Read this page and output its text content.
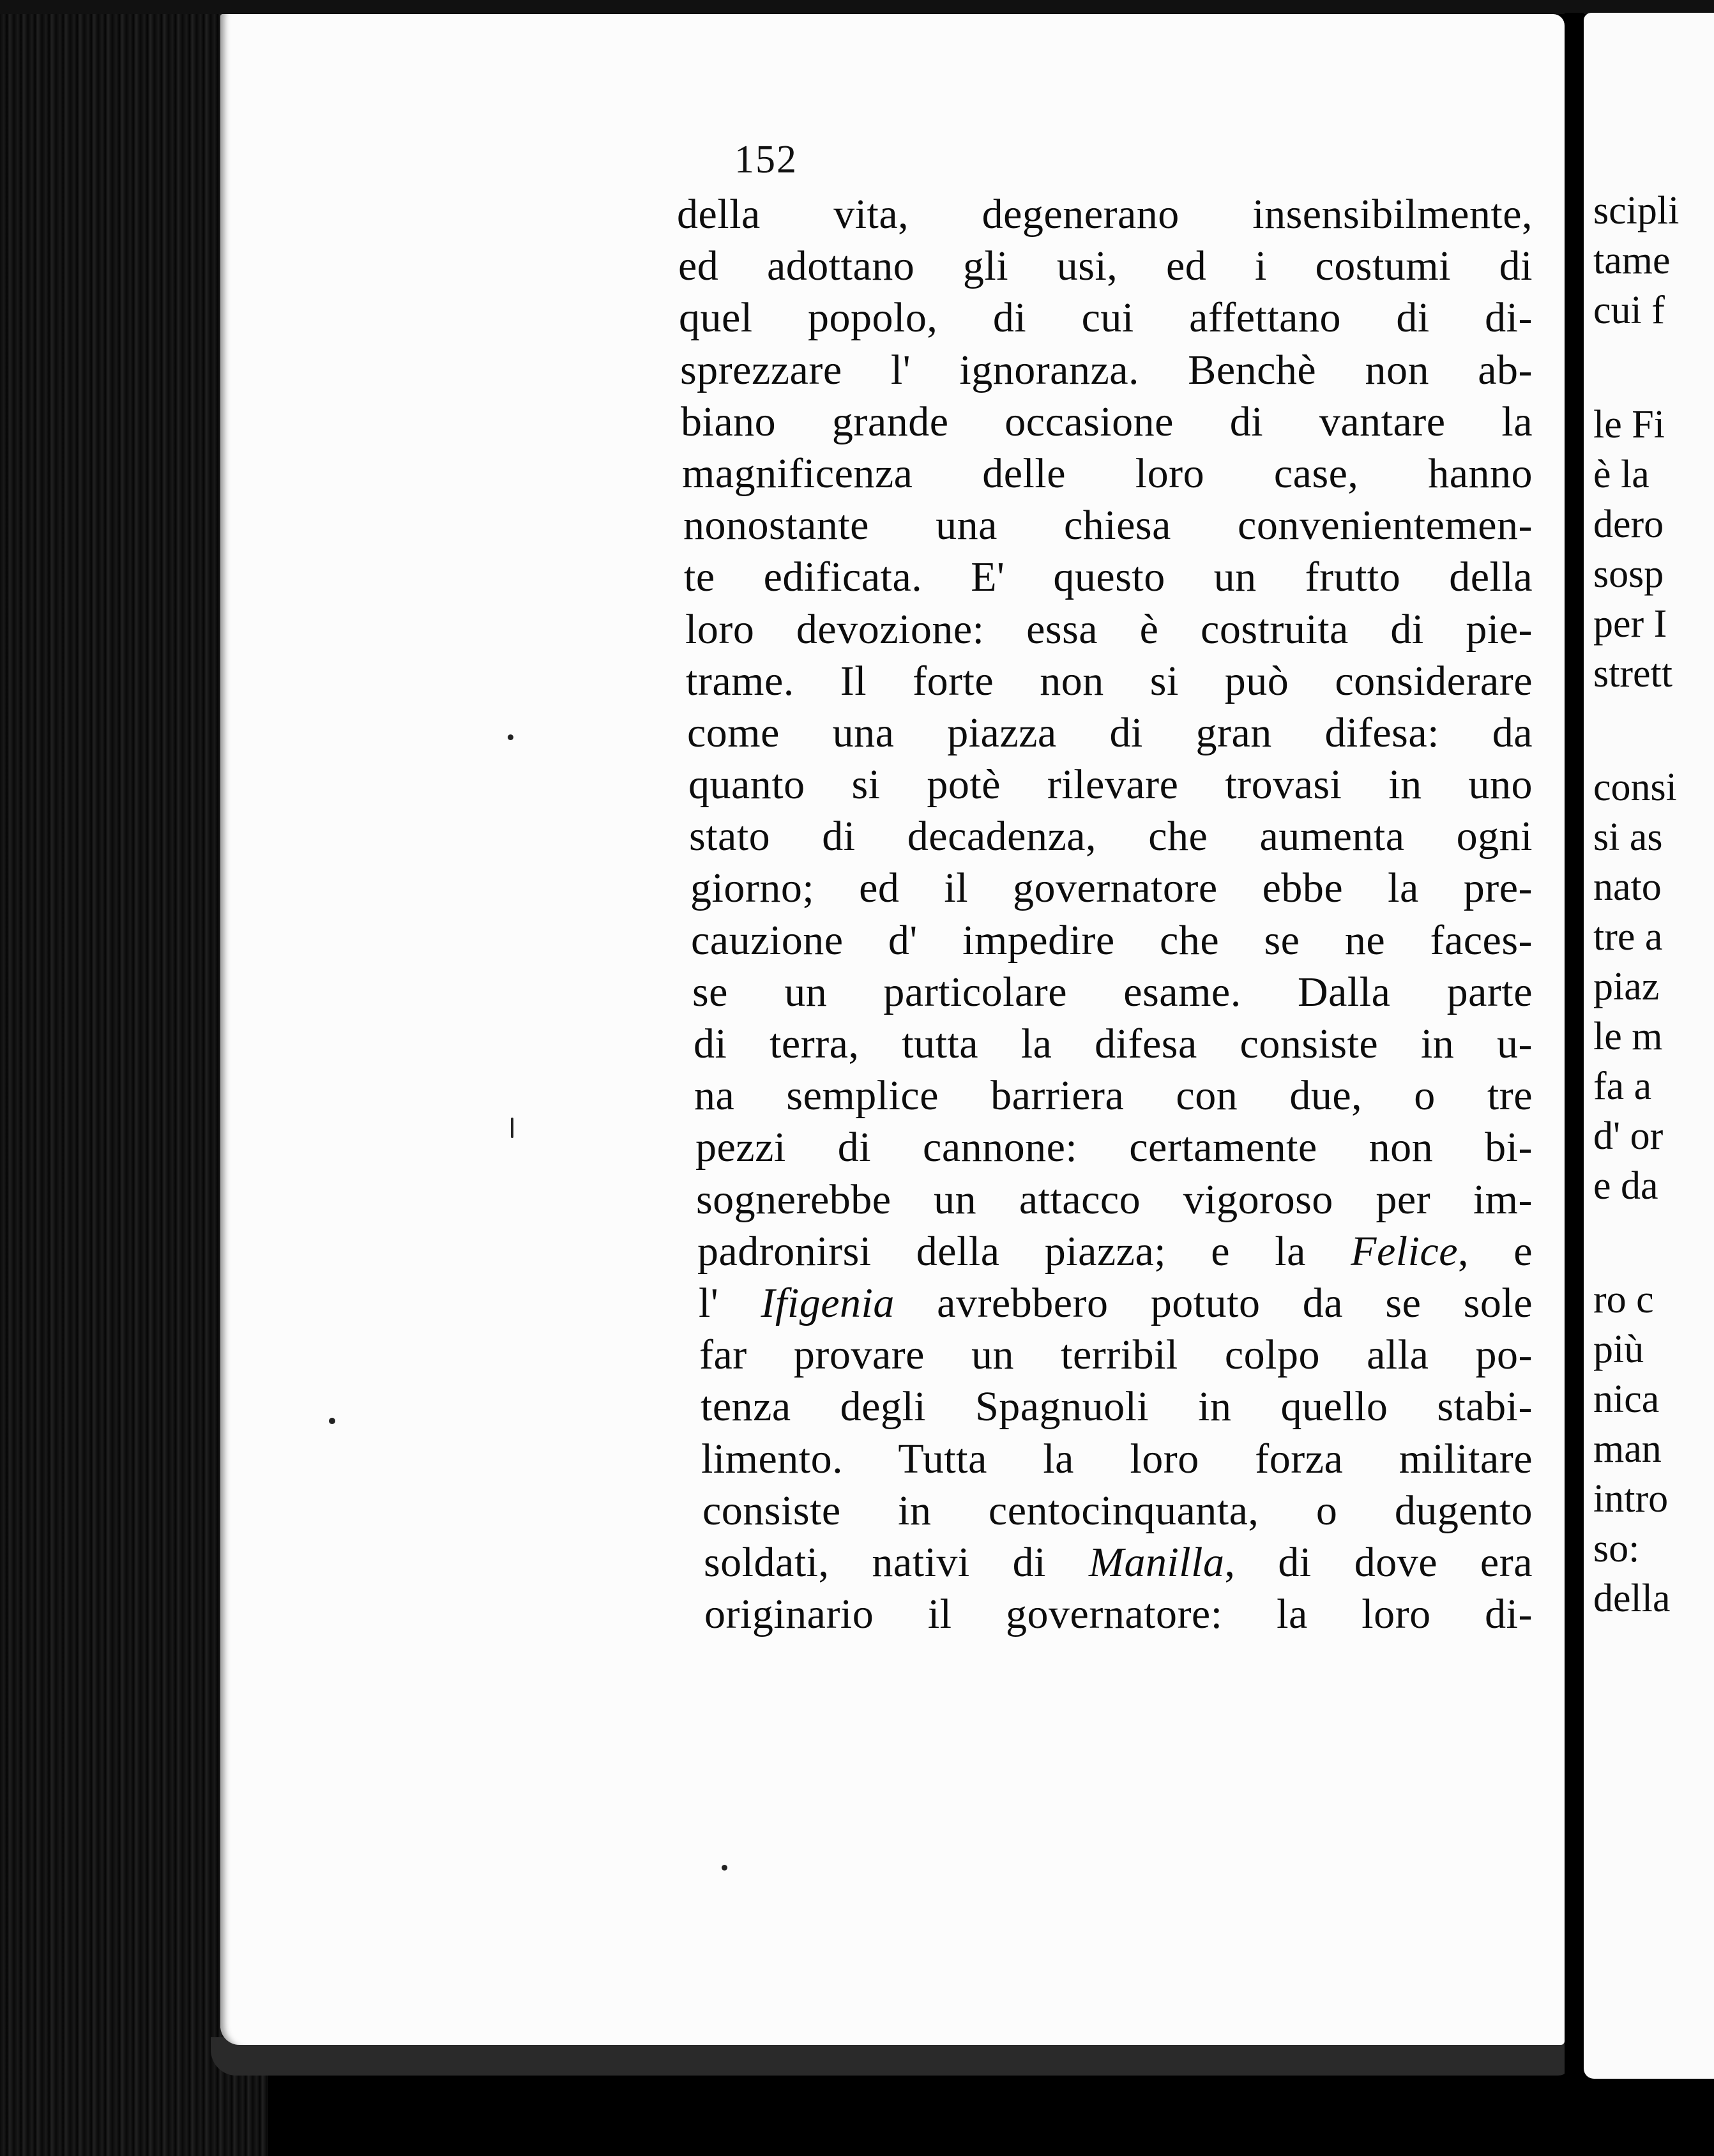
152
della vita, degenerano insensibilmente,
ed adottano gli usi, ed i costumi di
quel popolo, di cui affettano di di-
sprezzare l' ignoranza. Benchè non ab-
biano grande occasione di vantare la
magnificenza delle loro case, hanno
nonostante una chiesa convenientemen-
te edificata. E' questo un frutto della
loro devozione: essa è costruita di pie-
trame. Il forte non si può considerare
come una piazza di gran difesa: da
quanto si potè rilevare trovasi in uno
stato di decadenza, che aumenta ogni
giorno; ed il governatore ebbe la pre-
cauzione d' impedire che se ne faces-
se un particolare esame. Dalla parte
di terra, tutta la difesa consiste in u-
na semplice barriera con due, o tre
pezzi di cannone: certamente non bi-
sognerebbe un attacco vigoroso per im-
padronirsi della piazza; e la Felice, e
l' Ifigenia avrebbero potuto da se sole
far provare un terribil colpo alla po-
tenza degli Spagnuoli in quello stabi-
limento. Tutta la loro forza militare
consiste in centocinquanta, o dugento
soldati, nativi di Manilla, di dove era
originario il governatore: la loro di-
scipli
tame
cui f
le Fi
è la
dero
sosp
per I
strett
consi
si as
nato
tre a
piaz
le m
fa a
d' or
e da
ro c
più
nica
man
intro
so:
della
